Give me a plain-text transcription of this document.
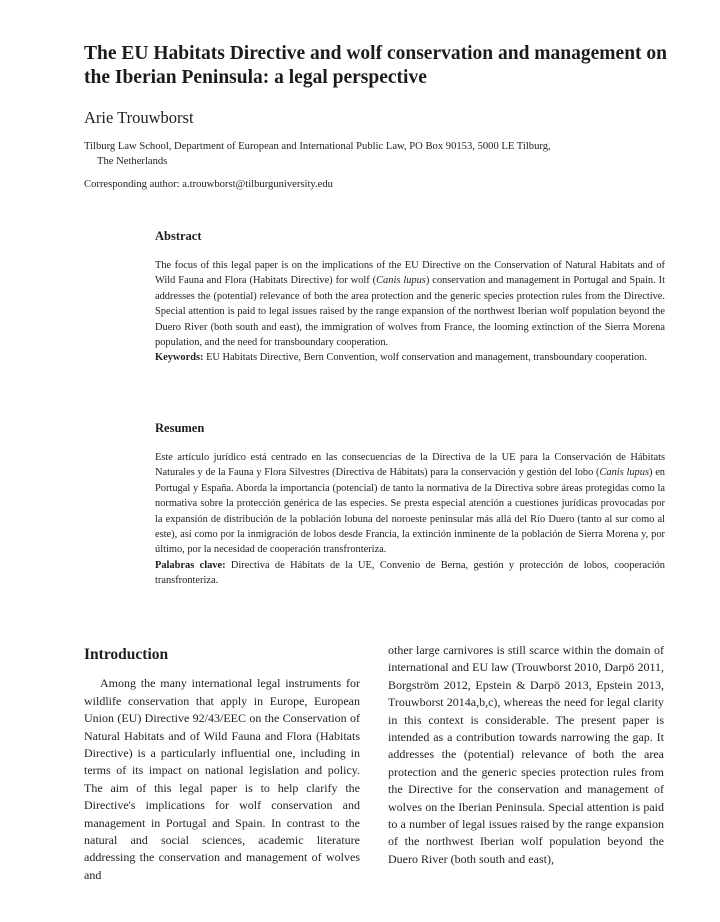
The EU Habitats Directive and wolf conservation and management on the Iberian Peninsula: a legal perspective

Arie Trouwborst

Tilburg Law School, Department of European and International Public Law, PO Box 90153, 5000 LE Tilburg,
The Netherlands

Corresponding author: a.trouwborst@tilburguniversity.edu

Abstract

The focus of this legal paper is on the implications of the EU Directive on the Conservation of Natural Habitats and of Wild Fauna and Flora (Habitats Directive) for wolf (Canis lupus) conservation and management in Portugal and Spain. It addresses the (potential) relevance of both the area protection and the generic species protection rules from the Directive. Special attention is paid to legal issues raised by the range expansion of the northwest Iberian wolf population beyond the Duero River (both south and east), the immigration of wolves from France, the looming extinction of the Sierra Morena population, and the need for transboundary cooperation.
Keywords: EU Habitats Directive, Bern Convention, wolf conservation and management, transboundary cooperation.

Resumen

Este artículo jurídico está centrado en las consecuencias de la Directiva de la UE para la Conservación de Hábitats Naturales y de la Fauna y Flora Silvestres (Directiva de Hábitats) para la conservación y gestión del lobo (Canis lupus) en Portugal y España. Aborda la importancia (potencial) de tanto la normativa de la Directiva sobre áreas protegidas como la normativa sobre la protección genérica de las especies. Se presta especial atención a cuestiones jurídicas provocadas por la expansión de distribución de la población lobuna del noroeste peninsular más allá del Río Duero (tanto al sur como al este), así como por la inmigración de lobos desde Francia, la extinción inminente de la población de Sierra Morena y, por último, por la necesidad de cooperación transfronteriza.
Palabras clave: Directiva de Hábitats de la UE, Convenio de Berna, gestión y protección de lobos, cooperación transfronteriza.

Introduction

Among the many international legal instruments for wildlife conservation that apply in Europe, European Union (EU) Directive 92/43/EEC on the Conservation of Natural Habitats and of Wild Fauna and Flora (Habitats Directive) is a particularly influential one, including in terms of its impact on national legislation and policy. The aim of this legal paper is to help clarify the Directive's implications for wolf conservation and management in Portugal and Spain. In contrast to the natural and social sciences, academic literature addressing the conservation and management of wolves and

other large carnivores is still scarce within the domain of international and EU law (Trouwborst 2010, Darpö 2011, Borgström 2012, Epstein & Darpö 2013, Epstein 2013, Trouwborst 2014a,b,c), whereas the need for legal clarity in this context is considerable. The present paper is intended as a contribution towards narrowing the gap. It addresses the (potential) relevance of both the area protection and the generic species protection rules from the Directive for the conservation and management of wolves on the Iberian Peninsula. Special attention is paid to a number of legal issues raised by the range expansion of the northwest Iberian wolf population beyond the Duero River (both south and east),
